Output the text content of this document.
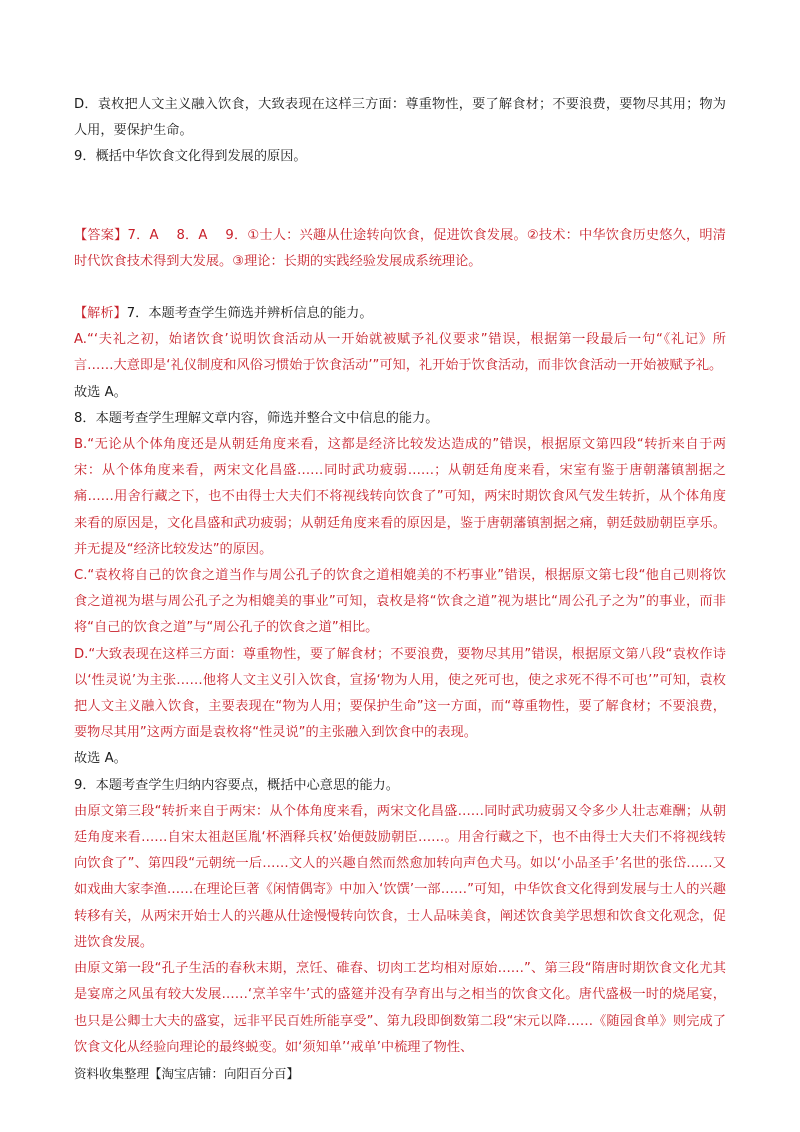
D．袁枚把人文主义融入饮食，大致表现在这样三方面：尊重物性，要了解食材；不要浪费，要物尽其用；物为人用，要保护生命。

9．概括中华饮食文化得到发展的原因。

【答案】7．A　 8．A　 9．①士人：兴趣从仕途转向饮食，促进饮食发展。②技术：中华饮食历史悠久，明清时代饮食技术得到大发展。③理论：长期的实践经验发展成系统理论。

【解析】7．本题考查学生筛选并辨析信息的能力。

A.“‘夫礼之初，始诸饮食’说明饮食活动从一开始就被赋予礼仪要求”错误，根据第一段最后一句“《礼记》所言……大意即是‘礼仪制度和风俗习惯始于饮食活动’”可知，礼开始于饮食活动，而非饮食活动一开始被赋予礼。

故选 A。

8．本题考查学生理解文章内容，筛选并整合文中信息的能力。

B.“无论从个体角度还是从朝廷角度来看，这都是经济比较发达造成的”错误，根据原文第四段“转折来自于两宋：从个体角度来看，两宋文化昌盛……同时武功疲弱……；从朝廷角度来看，宋室有鉴于唐朝藩镇割据之痛……用舍行藏之下，也不由得士大夫们不将视线转向饮食了”可知，两宋时期饮食风气发生转折，从个体角度来看的原因是，文化昌盛和武功疲弱；从朝廷角度来看的原因是，鉴于唐朝藩镇割据之痛，朝廷鼓励朝臣享乐。并无提及“经济比较发达”的原因。

C.“袁枚将自己的饮食之道当作与周公孔子的饮食之道相媲美的不朽事业”错误，根据原文第七段“他自己则将饮食之道视为堪与周公孔子之为相媲美的事业”可知，袁枚是将“饮食之道”视为堪比“周公孔子之为”的事业，而非将“自己的饮食之道”与“周公孔子的饮食之道”相比。

D.“大致表现在这样三方面：尊重物性，要了解食材；不要浪费，要物尽其用”错误，根据原文第八段“袁枚作诗以‘性灵说’为主张……他将人文主义引入饮食，宣扬‘物为人用，使之死可也，使之求死不得不可也’”可知，袁枚把人文主义融入饮食，主要表现在“物为人用；要保护生命”这一方面，而“尊重物性，要了解食材；不要浪费，要物尽其用”这两方面是袁枚将“性灵说”的主张融入到饮食中的表现。

故选 A。

9．本题考查学生归纳内容要点，概括中心意思的能力。

由原文第三段“转折来自于两宋：从个体角度来看，两宋文化昌盛……同时武功疲弱又令多少人壮志难酬；从朝廷角度来看……自宋太祖赵匡胤‘杯酒释兵权’始便鼓励朝臣……。用舍行藏之下，也不由得士大夫们不将视线转向饮食了”、第四段“元朝统一后……文人的兴趣自然而然愈加转向声色犬马。如以‘小品圣手’名世的张岱……又如戏曲大家李渔……在理论巨著《闲情偶寄》中加入‘饮馔’一部……”可知，中华饮食文化得到发展与士人的兴趣转移有关，从两宋开始士人的兴趣从仕途慢慢转向饮食，士人品味美食，阐述饮食美学思想和饮食文化观念，促进饮食发展。

由原文第一段“孔子生活的春秋末期，烹饪、碓舂、切肉工艺均相对原始……”、第三段“隋唐时期饮食文化尤其是宴席之风虽有较大发展……‘烹羊宰牛’式的盛筵并没有孕育出与之相当的饮食文化。唐代盛极一时的烧尾宴，也只是公卿士大夫的盛宴，远非平民百姓所能享受”、第九段即倒数第二段“宋元以降……《随园食单》则完成了饮食文化从经验向理论的最终蜕变。如‘须知单’‘戒单’中梳理了物性、

资料收集整理【淘宝店铺：向阳百分百】
